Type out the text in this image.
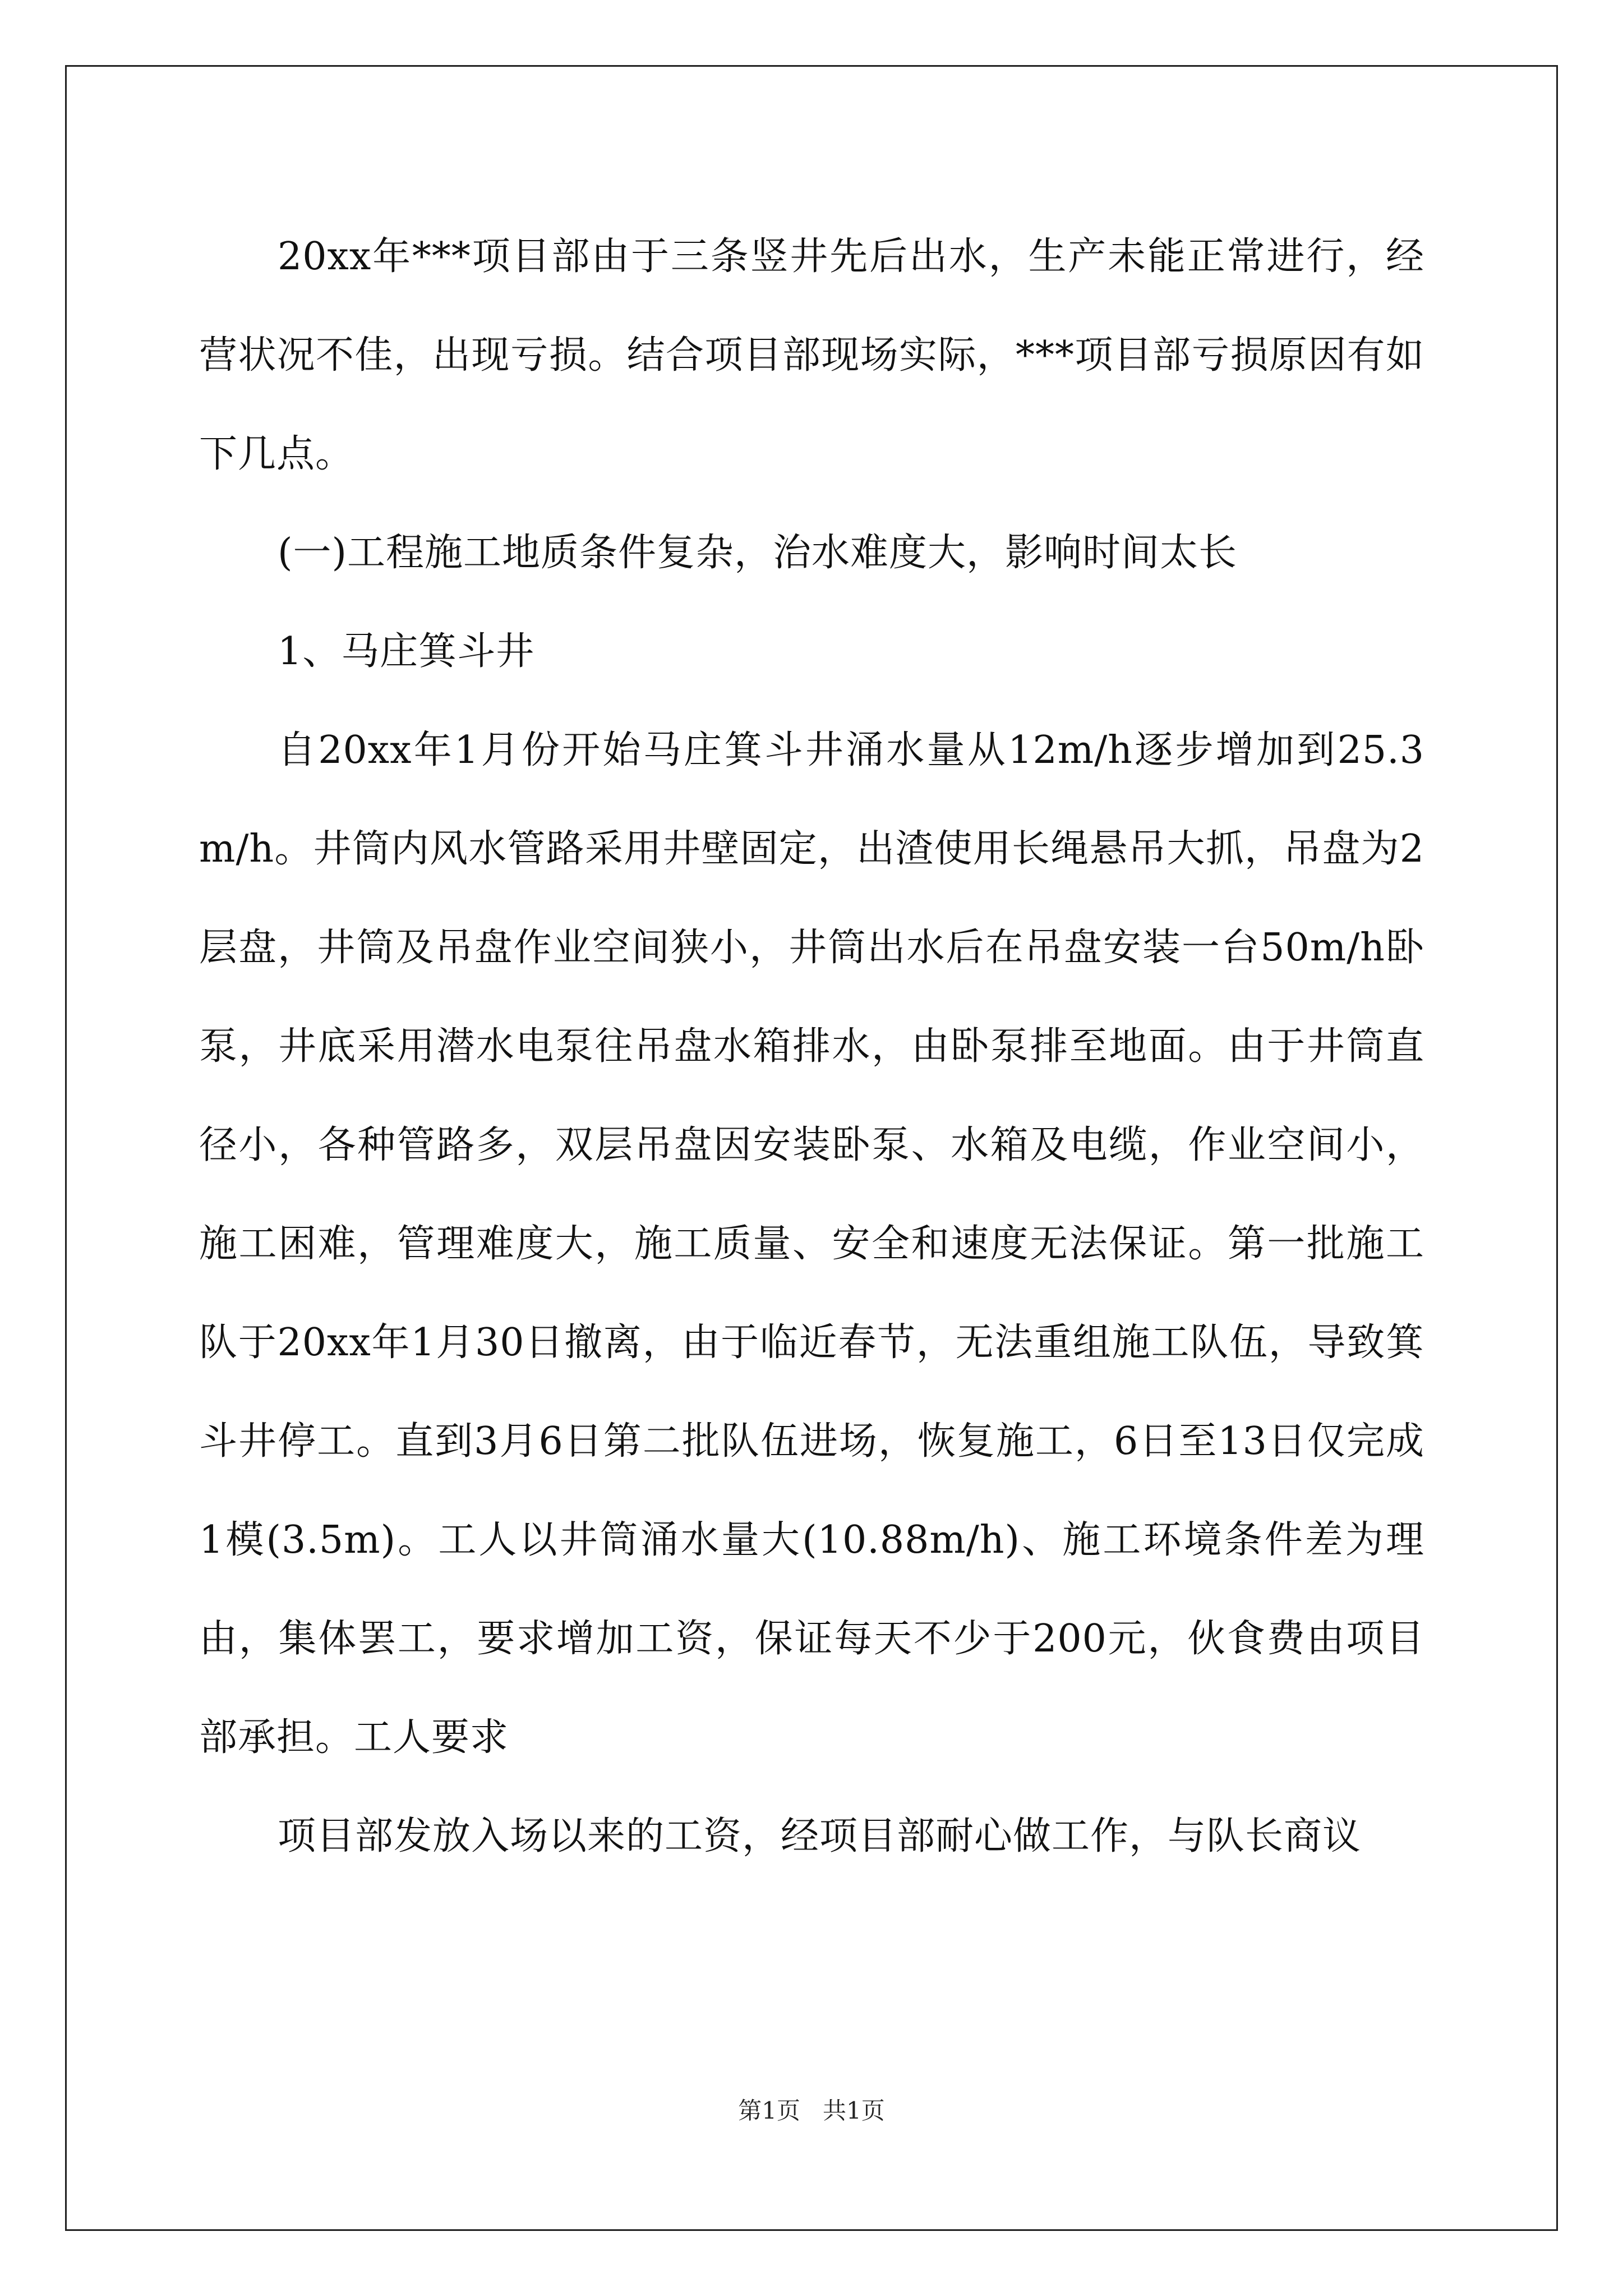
20xx年***项目部由于三条竖井先后出水，生产未能正常进行，经营状况不佳，出现亏损。结合项目部现场实际，***项目部亏损原因有如下几点。

(一)工程施工地质条件复杂，治水难度大，影响时间太长

1、马庄箕斗井

自20xx年1月份开始马庄箕斗井涌水量从12m/h逐步增加到25.3m/h。井筒内风水管路采用井壁固定，出渣使用长绳悬吊大抓，吊盘为2层盘，井筒及吊盘作业空间狭小，井筒出水后在吊盘安装一台50m/h卧泵，井底采用潜水电泵往吊盘水箱排水，由卧泵排至地面。由于井筒直径小，各种管路多，双层吊盘因安装卧泵、水箱及电缆，作业空间小，施工困难，管理难度大，施工质量、安全和速度无法保证。第一批施工队于20xx年1月30日撤离，由于临近春节，无法重组施工队伍，导致箕斗井停工。直到3月6日第二批队伍进场，恢复施工，6日至13日仅完成1模(3.5m)。工人以井筒涌水量大(10.88m/h)、施工环境条件差为理由，集体罢工，要求增加工资，保证每天不少于200元，伙食费由项目部承担。工人要求

项目部发放入场以来的工资，经项目部耐心做工作，与队长商议

第1页 共1页
